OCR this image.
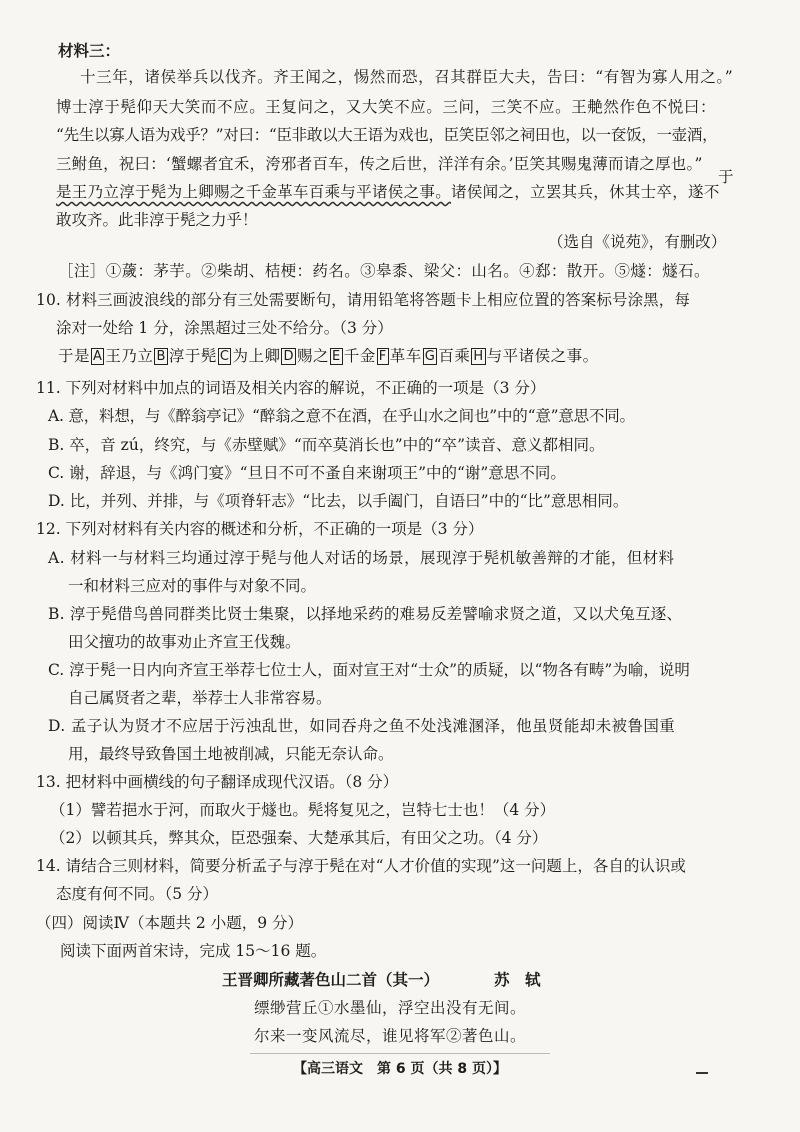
材料三：
十三年，诸侯举兵以伐齐。齐王闻之，惕然而恐，召其群臣大夫，告曰：“有智为寡人用之。”
博士淳于髡仰天大笑而不应。王复问之，又大笑不应。三问，三笑不应。王艴然作色不悦曰：
“先生以寡人语为戏乎？”对曰：“臣非敢以大王语为戏也，臣笑臣邻之祠田也，以一奁饭，一壶酒，
三鲋鱼，祝曰：‘蟹螺者宜禾，洿邪者百车，传之后世，洋洋有余。’臣笑其赐鬼薄而请之厚也。”
是王乃立淳于髡为上卿赐之千金革车百乘与平诸侯之事。诸侯闻之，立罢其兵，休其士卒，遂不
于
敢攻齐。此非淳于髡之力乎！
（选自《说苑》，有删改）
［注］①薉：茅芋。②柴胡、桔梗：药名。③皋黍、梁父：山名。④郄：散开。⑤燧：燧石。
10. 材料三画波浪线的部分有三处需要断句，请用铅笔将答题卡上相应位置的答案标号涂黑，每
涂对一处给 1 分，涂黑超过三处不给分。（3 分）
于是 A 王乃立 B 淳于髡 C 为上卿 D 赐之 E 千金 F 革车 G 百乘 H 与平诸侯之事。
11. 下列对材料中加点的词语及相关内容的解说，不正确的一项是（3 分）
A. 意，料想，与《醉翁亭记》“醉翁之意不在酒，在乎山水之间也”中的“意”意思不同。
B. 卒，音 zú，终究，与《赤壁赋》“而卒莫消长也”中的“卒”读音、意义都相同。
C. 谢，辞退，与《鸿门宴》“旦日不可不蚤自来谢项王”中的“谢”意思不同。
D. 比，并列、并排，与《项脊轩志》“比去，以手阖门，自语曰”中的“比”意思相同。
12. 下列对材料有关内容的概述和分析，不正确的一项是（3 分）
A. 材料一与材料三均通过淳于髡与他人对话的场景，展现淳于髡机敏善辩的才能，但材料
一和材料三应对的事件与对象不同。
B. 淳于髡借鸟兽同群类比贤士集聚，以择地采药的难易反差譬喻求贤之道，又以犬兔互逐、
田父擅功的故事劝止齐宣王伐魏。
C. 淳于髡一日内向齐宣王举荐七位士人，面对宣王对“士众”的质疑，以“物各有畴”为喻，说明
自己属贤者之辈，举荐士人非常容易。
D. 孟子认为贤才不应居于污浊乱世，如同吞舟之鱼不处浅滩溷泽，他虽贤能却未被鲁国重
用，最终导致鲁国土地被削减，只能无奈认命。
13. 把材料中画横线的句子翻译成现代汉语。（8 分）
（1）譬若挹水于河，而取火于燧也。髡将复见之，岂特七士也！（4 分）
（2）以顿其兵，弊其众，臣恐强秦、大楚承其后，有田父之功。（4 分）
14. 请结合三则材料，简要分析孟子与淳于髡在对“人才价值的实现”这一问题上，各自的认识或
态度有何不同。（5 分）
（四）阅读Ⅳ（本题共 2 小题，9 分）
阅读下面两首宋诗，完成 15～16 题。
王晋卿所藏著色山二首（其一）	苏　轼
缥缈营丘①水墨仙，浮空出没有无间。
尔来一变风流尽，谁见将军②著色山。
【高三语文　第 6 页（共 8 页）】
